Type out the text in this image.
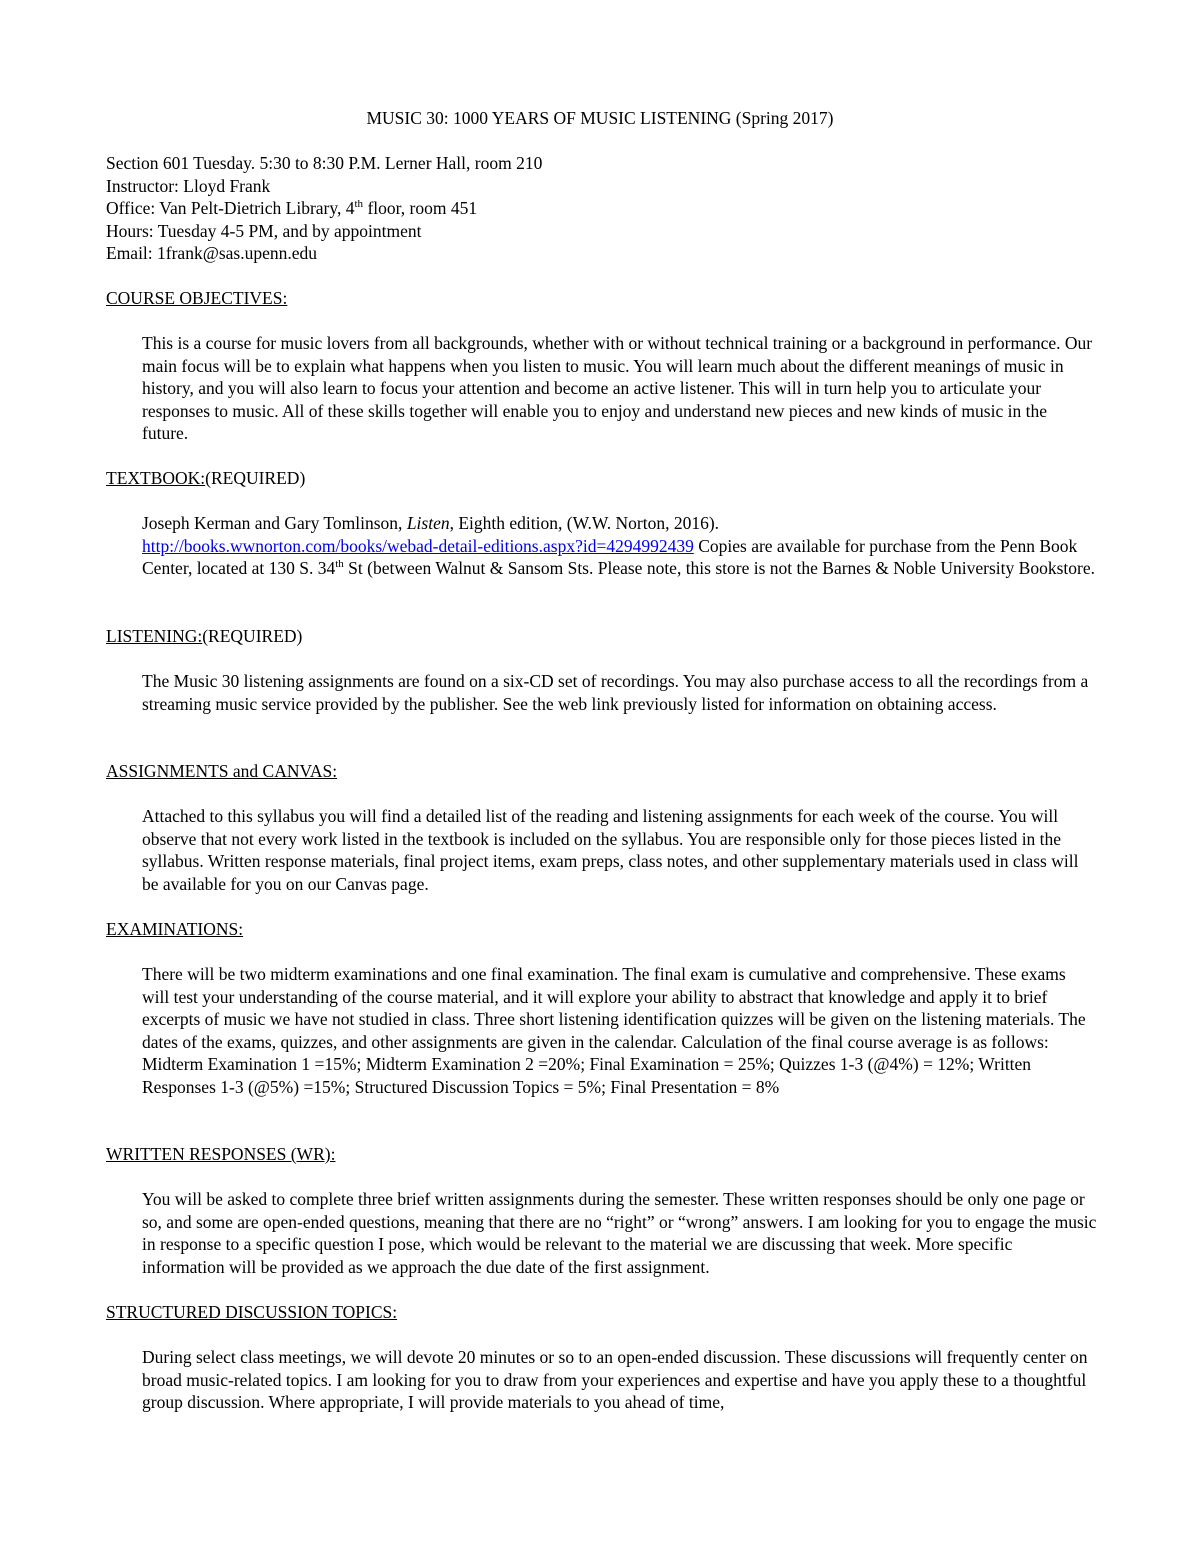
MUSIC 30: 1000 YEARS OF MUSIC LISTENING (Spring 2017)
Section 601 Tuesday. 5:30 to 8:30 P.M. Lerner Hall, room 210
Instructor: Lloyd Frank
Office: Van Pelt-Dietrich Library, 4th floor, room 451
Hours: Tuesday 4-5 PM, and by appointment
Email: 1frank@sas.upenn.edu
COURSE OBJECTIVES:
This is a course for music lovers from all backgrounds, whether with or without technical training or a background in performance. Our main focus will be to explain what happens when you listen to music. You will learn much about the different meanings of music in history, and you will also learn to focus your attention and become an active listener. This will in turn help you to articulate your responses to music. All of these skills together will enable you to enjoy and understand new pieces and new kinds of music in the future.
TEXTBOOK:(REQUIRED)
Joseph Kerman and Gary Tomlinson, Listen, Eighth edition, (W.W. Norton, 2016).
http://books.wwnorton.com/books/webad-detail-editions.aspx?id=4294992439 Copies are available for purchase from the Penn Book Center, located at 130 S. 34th St (between Walnut & Sansom Sts. Please note, this store is not the Barnes & Noble University Bookstore.
LISTENING:(REQUIRED)
The Music 30 listening assignments are found on a six-CD set of recordings. You may also purchase access to all the recordings from a streaming music service provided by the publisher. See the web link previously listed for information on obtaining access.
ASSIGNMENTS and CANVAS:
Attached to this syllabus you will find a detailed list of the reading and listening assignments for each week of the course. You will observe that not every work listed in the textbook is included on the syllabus. You are responsible only for those pieces listed in the syllabus. Written response materials, final project items, exam preps, class notes, and other supplementary materials used in class will be available for you on our Canvas page.
EXAMINATIONS:
There will be two midterm examinations and one final examination. The final exam is cumulative and comprehensive. These exams will test your understanding of the course material, and it will explore your ability to abstract that knowledge and apply it to brief excerpts of music we have not studied in class. Three short listening identification quizzes will be given on the listening materials. The dates of the exams, quizzes, and other assignments are given in the calendar. Calculation of the final course average is as follows: Midterm Examination 1 =15%; Midterm Examination 2 =20%; Final Examination = 25%; Quizzes 1-3 (@4%) = 12%; Written Responses 1-3 (@5%) =15%; Structured Discussion Topics = 5%; Final Presentation = 8%
WRITTEN RESPONSES (WR):
You will be asked to complete three brief written assignments during the semester. These written responses should be only one page or so, and some are open-ended questions, meaning that there are no “right” or “wrong” answers. I am looking for you to engage the music in response to a specific question I pose, which would be relevant to the material we are discussing that week. More specific information will be provided as we approach the due date of the first assignment.
STRUCTURED DISCUSSION TOPICS:
During select class meetings, we will devote 20 minutes or so to an open-ended discussion. These discussions will frequently center on broad music-related topics. I am looking for you to draw from your experiences and expertise and have you apply these to a thoughtful group discussion. Where appropriate, I will provide materials to you ahead of time,
